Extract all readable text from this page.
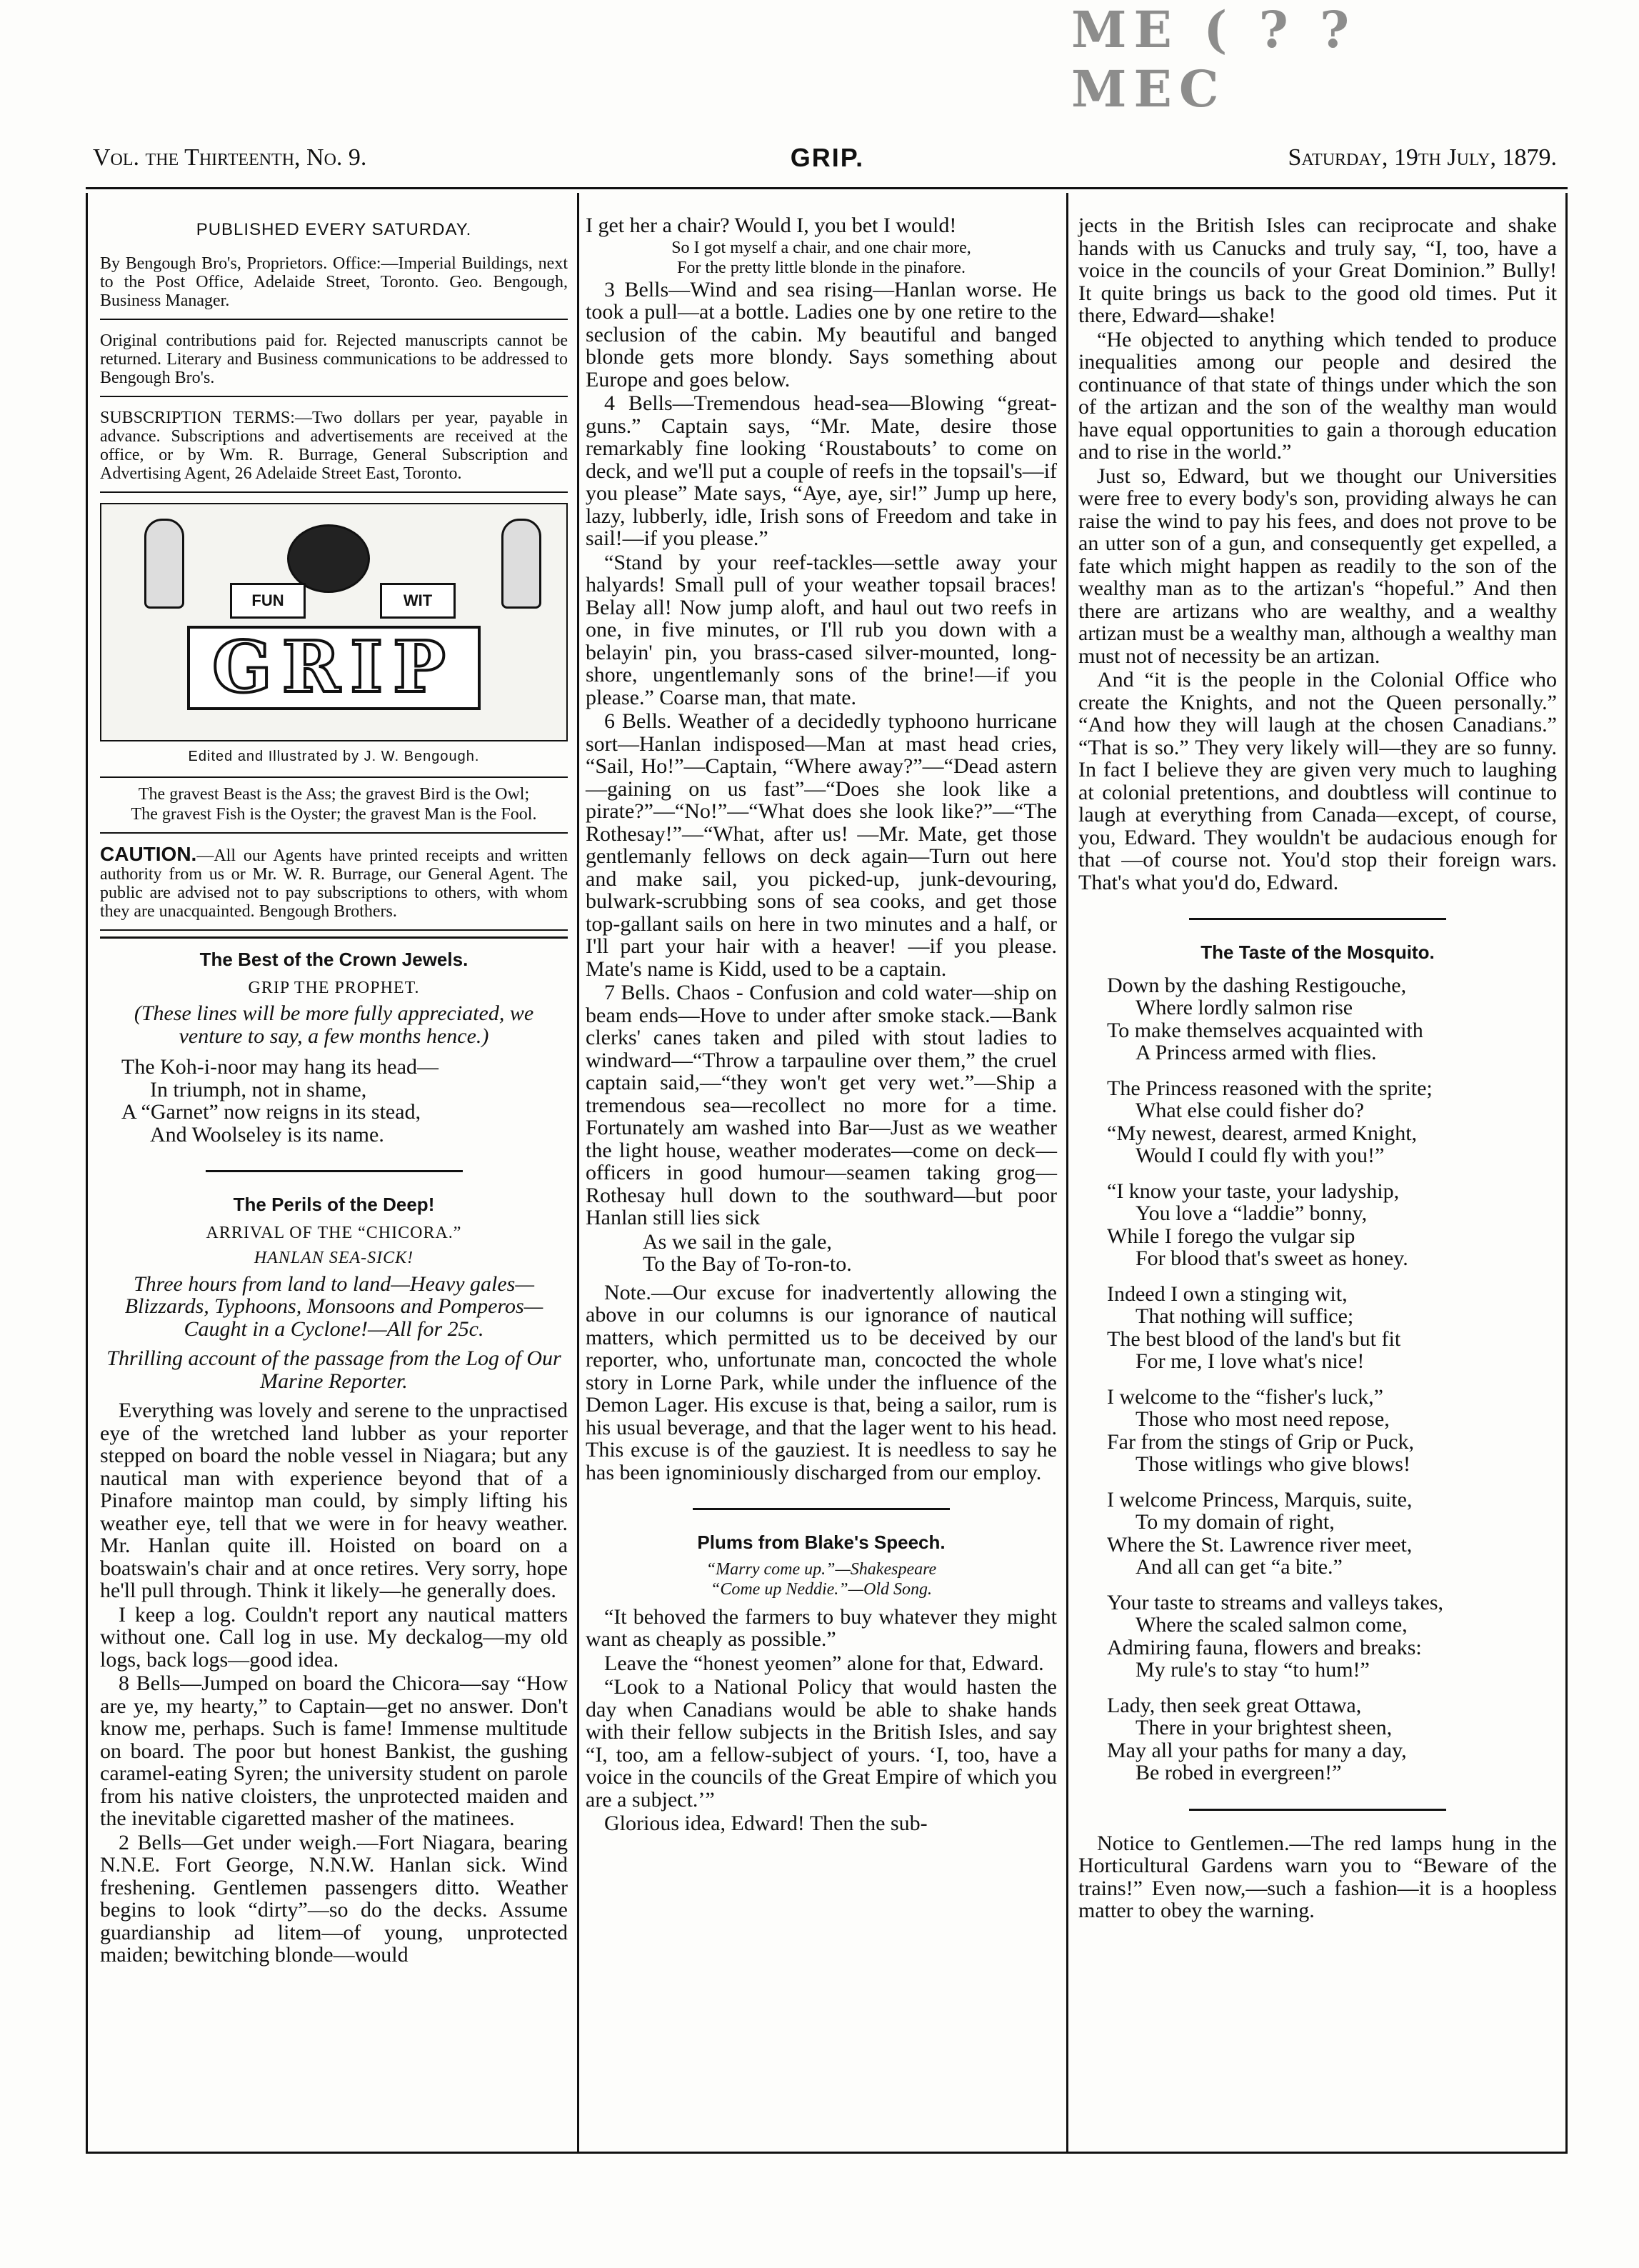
ME ( ? ? MEC
Vol. the Thirteenth, No. 9.	GRIP.	Saturday, 19th July, 1879.
PUBLISHED EVERY SATURDAY.

By Bengough Bro's, Proprietors. Office:—Imperial Buildings, next to the Post Office, Adelaide Street, Toronto. Geo. Bengough, Business Manager.

Original contributions paid for. Rejected manuscripts cannot be returned. Literary and Business communications to be addressed to Bengough Bro's.

SUBSCRIPTION TERMS:—Two dollars per year, payable in advance. Subscriptions and advertisements are received at the office, or by Wm. R. Burrage, General Subscription and Advertising Agent, 26 Adelaide Street East, Toronto.

FUN	WIT
GRIP
Edited and Illustrated by J. W. Bengough.

The gravest Beast is the Ass; the gravest Bird is the Owl;

The gravest Fish is the Oyster; the gravest Man is the Fool.

CAUTION.—All our Agents have printed receipts and written authority from us or Mr. W. R. Burrage, our General Agent. The public are advised not to pay subscriptions to others, with whom they are unacquainted. Bengough Brothers.

The Best of the Crown Jewels.
GRIP THE PROPHET.

(These lines will be more fully appreciated, we venture to say, a few months hence.)

The Koh-i-noor may hang its head—

In triumph, not in shame,

A “Garnet” now reigns in its stead,

And Woolseley is its name.

The Perils of the Deep!
ARRIVAL OF THE “CHICORA.”
HANLAN SEA-SICK!

Three hours from land to land—Heavy gales—Blizzards, Typhoons, Monsoons and Pomperos—Caught in a Cyclone!—All for 25c.

Thrilling account of the passage from the Log of Our Marine Reporter.

Everything was lovely and serene to the unpractised eye of the wretched land lubber as your reporter stepped on board the noble vessel in Niagara; but any nautical man with experience beyond that of a Pinafore maintop man could, by simply lifting his weather eye, tell that we were in for heavy weather. Mr. Hanlan quite ill. Hoisted on board on a boatswain's chair and at once retires. Very sorry, hope he'll pull through. Think it likely—he generally does.

I keep a log. Couldn't report any nautical matters without one. Call log in use. My deckalog—my old logs, back logs—good idea.

8 Bells—Jumped on board the Chicora—say “How are ye, my hearty,” to Captain—get no answer. Don't know me, perhaps. Such is fame! Immense multitude on board. The poor but honest Bankist, the gushing caramel-eating Syren; the university student on parole from his native cloisters, the unprotected maiden and the inevitable cigaretted masher of the matinees.

2 Bells—Get under weigh.—Fort Niagara, bearing N.N.E. Fort George, N.N.W. Hanlan sick. Wind freshening. Gentlemen passengers ditto. Weather begins to look “dirty”—so do the decks. Assume guardianship ad litem—of young, unprotected maiden; bewitching blonde—would

I get her a chair? Would I, you bet I would!

So I got myself a chair, and one chair more,

For the pretty little blonde in the pinafore.

3 Bells—Wind and sea rising—Hanlan worse. He took a pull—at a bottle. Ladies one by one retire to the seclusion of the cabin. My beautiful and banged blonde gets more blondy. Says something about Europe and goes below.

4 Bells—Tremendous head-sea—Blowing “great-guns.” Captain says, “Mr. Mate, desire those remarkably fine looking ‘Roustabouts’ to come on deck, and we'll put a couple of reefs in the topsail's—if you please” Mate says, “Aye, aye, sir!” Jump up here, lazy, lubberly, idle, Irish sons of Freedom and take in sail!—if you please.”

“Stand by your reef-tackles—settle away your halyards! Small pull of your weather topsail braces! Belay all! Now jump aloft, and haul out two reefs in one, in five minutes, or I'll rub you down with a belayin' pin, you brass-cased silver-mounted, long-shore, ungentlemanly sons of the brine!—if you please.” Coarse man, that mate.

6 Bells. Weather of a decidedly typhoono hurricane sort—Hanlan indisposed—Man at mast head cries, “Sail, Ho!”—Captain, “Where away?”—“Dead astern—gaining on us fast”—“Does she look like a pirate?”—“No!”—“What does she look like?”—“The Rothesay!”—“What, after us! —Mr. Mate, get those gentlemanly fellows on deck again—Turn out here and make sail, you picked-up, junk-devouring, bulwark-scrubbing sons of sea cooks, and get those top-gallant sails on here in two minutes and a half, or I'll part your hair with a heaver! —if you please. Mate's name is Kidd, used to be a captain.

7 Bells. Chaos - Confusion and cold water—ship on beam ends—Hove to under after smoke stack.—Bank clerks' canes taken and piled with stout ladies to windward—“Throw a tarpauline over them,” the cruel captain said,—“they won't get very wet.”—Ship a tremendous sea—recollect no more for a time. Fortunately am washed into Bar—Just as we weather the light house, weather moderates—come on deck—officers in good humour—seamen taking grog—Rothesay hull down to the southward—but poor Hanlan still lies sick

As we sail in the gale,

To the Bay of To-ron-to.

Note.—Our excuse for inadvertently allowing the above in our columns is our ignorance of nautical matters, which permitted us to be deceived by our reporter, who, unfortunate man, concocted the whole story in Lorne Park, while under the influence of the Demon Lager. His excuse is that, being a sailor, rum is his usual beverage, and that the lager went to his head. This excuse is of the gauziest. It is needless to say he has been ignominiously discharged from our employ.

Plums from Blake's Speech.

“Marry come up.”—Shakespeare

“Come up Neddie.”—Old Song.

“It behoved the farmers to buy whatever they might want as cheaply as possible.”

Leave the “honest yeomen” alone for that, Edward.

“Look to a National Policy that would hasten the day when Canadians would be able to shake hands with their fellow subjects in the British Isles, and say “I, too, am a fellow-subject of yours. ‘I, too, have a voice in the councils of the Great Empire of which you are a subject.’”

Glorious idea, Edward! Then the sub-

jects in the British Isles can reciprocate and shake hands with us Canucks and truly say, “I, too, have a voice in the councils of your Great Dominion.” Bully! It quite brings us back to the good old times. Put it there, Edward—shake!

“He objected to anything which tended to produce inequalities among our people and desired the continuance of that state of things under which the son of the artizan and the son of the wealthy man would have equal opportunities to gain a thorough education and to rise in the world.”

Just so, Edward, but we thought our Universities were free to every body's son, providing always he can raise the wind to pay his fees, and does not prove to be an utter son of a gun, and consequently get expelled, a fate which might happen as readily to the son of the wealthy man as to the artizan's “hopeful.” And then there are artizans who are wealthy, and a wealthy artizan must be a wealthy man, although a wealthy man must not of necessity be an artizan.

And “it is the people in the Colonial Office who create the Knights, and not the Queen personally.” “And how they will laugh at the chosen Canadians.” “That is so.” They very likely will—they are so funny. In fact I believe they are given very much to laughing at colonial pretentions, and doubtless will continue to laugh at everything from Canada—except, of course, you, Edward. They wouldn't be audacious enough for that —of course not. You'd stop their foreign wars. That's what you'd do, Edward.

The Taste of the Mosquito.

Down by the dashing Restigouche,

Where lordly salmon rise

To make themselves acquainted with

A Princess armed with flies.

The Princess reasoned with the sprite;

What else could fisher do?

“My newest, dearest, armed Knight,

Would I could fly with you!”

“I know your taste, your ladyship,

You love a “laddie” bonny,

While I forego the vulgar sip

For blood that's sweet as honey.

Indeed I own a stinging wit,

That nothing will suffice;

The best blood of the land's but fit

For me, I love what's nice!

I welcome to the “fisher's luck,”

Those who most need repose,

Far from the stings of Grip or Puck,

Those witlings who give blows!

I welcome Princess, Marquis, suite,

To my domain of right,

Where the St. Lawrence river meet,

And all can get “a bite.”

Your taste to streams and valleys takes,

Where the scaled salmon come,

Admiring fauna, flowers and breaks:

My rule's to stay “to hum!”

Lady, then seek great Ottawa,

There in your brightest sheen,

May all your paths for many a day,

Be robed in evergreen!”

Notice to Gentlemen.—The red lamps hung in the Horticultural Gardens warn you to “Beware of the trains!” Even now,—such a fashion—it is a hoopless matter to obey the warning.
